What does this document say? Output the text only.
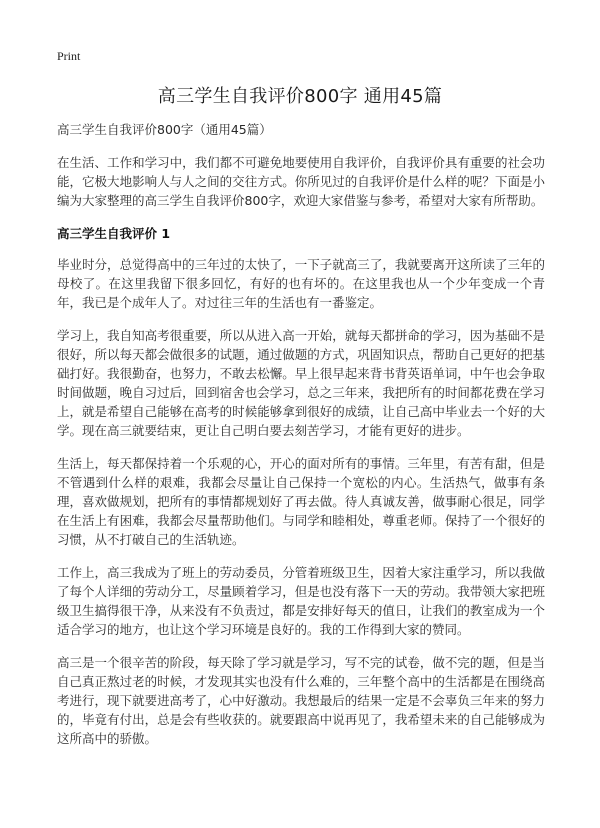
Print
高三学生自我评价800字 通用45篇

高三学生自我评价800字（通用45篇）

在生活、工作和学习中，我们都不可避免地要使用自我评价，自我评价具有重要的社会功能，它极大地影响人与人之间的交往方式。你所见过的自我评价是什么样的呢？下面是小编为大家整理的高三学生自我评价800字，欢迎大家借鉴与参考，希望对大家有所帮助。

高三学生自我评价 1

毕业时分，总觉得高中的三年过的太快了，一下子就高三了，我就要离开这所读了三年的母校了。在这里我留下很多回忆，有好的也有坏的。在这里我也从一个少年变成一个青年，我已是个成年人了。对过往三年的生活也有一番鉴定。

学习上，我自知高考很重要，所以从进入高一开始，就每天都拼命的学习，因为基础不是很好，所以每天都会做很多的试题，通过做题的方式，巩固知识点，帮助自己更好的把基础打好。我很勤奋，也努力，不敢去松懈。早上很早起来背书背英语单词，中午也会争取时间做题，晚自习过后，回到宿舍也会学习，总之三年来，我把所有的时间都花费在学习上，就是希望自己能够在高考的时候能够拿到很好的成绩，让自己高中毕业去一个好的大学。现在高三就要结束，更让自己明白要去刻苦学习，才能有更好的进步。

生活上，每天都保持着一个乐观的心，开心的面对所有的事情。三年里，有苦有甜，但是不管遇到什么样的艰难，我都会尽量让自己保持一个宽松的内心。生活热气，做事有条理，喜欢做规划，把所有的事情都规划好了再去做。待人真诚友善，做事耐心很足，同学在生活上有困难，我都会尽量帮助他们。与同学和睦相处，尊重老师。保持了一个很好的习惯，从不打破自己的生活轨迹。

工作上，高三我成为了班上的劳动委员，分管着班级卫生，因着大家注重学习，所以我做了每个人详细的劳动分工，尽量顾着学习，但是也没有落下一天的劳动。我带领大家把班级卫生搞得很干净，从来没有不负责过，都是安排好每天的值日，让我们的教室成为一个适合学习的地方，也让这个学习环境是良好的。我的工作得到大家的赞同。

高三是一个很辛苦的阶段，每天除了学习就是学习，写不完的试卷，做不完的题，但是当自己真正熬过老的时候，才发现其实也没有什么难的，三年整个高中的生活都是在围绕高考进行，现下就要进高考了，心中好激动。我想最后的结果一定是不会辜负三年来的努力的，毕竟有付出，总是会有些收获的。就要跟高中说再见了，我希望未来的自己能够成为这所高中的骄傲。
